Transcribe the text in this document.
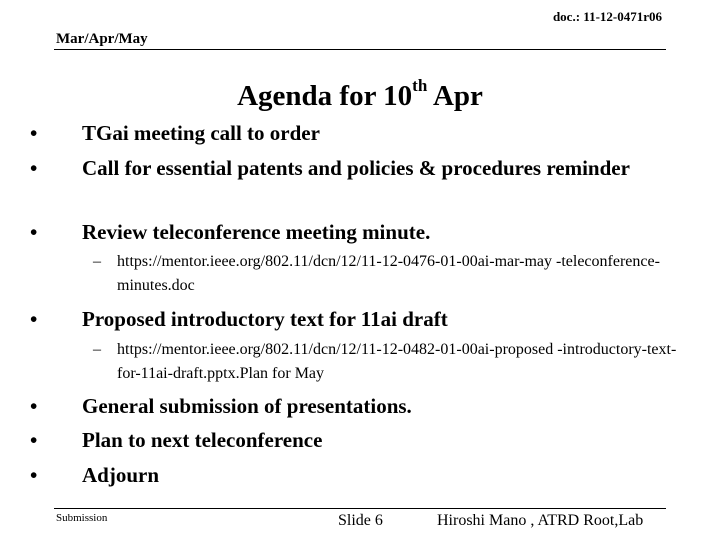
doc.: 11-12-0471r06
Mar/Apr/May
Agenda for 10th Apr
• TGai meeting call to order
• Call for essential patents and policies & procedures reminder
• Review teleconference meeting minute.
– https://mentor.ieee.org/802.11/dcn/12/11-12-0476-01-00ai-mar-may -teleconference-minutes.doc
• Proposed introductory text for 11ai draft
– https://mentor.ieee.org/802.11/dcn/12/11-12-0482-01-00ai-proposed -introductory-text-for-11ai-draft.pptx.Plan for May
• General submission of presentations.
• Plan to next teleconference
• Adjourn
Submission	Slide 6	Hiroshi Mano , ATRD Root,Lab
